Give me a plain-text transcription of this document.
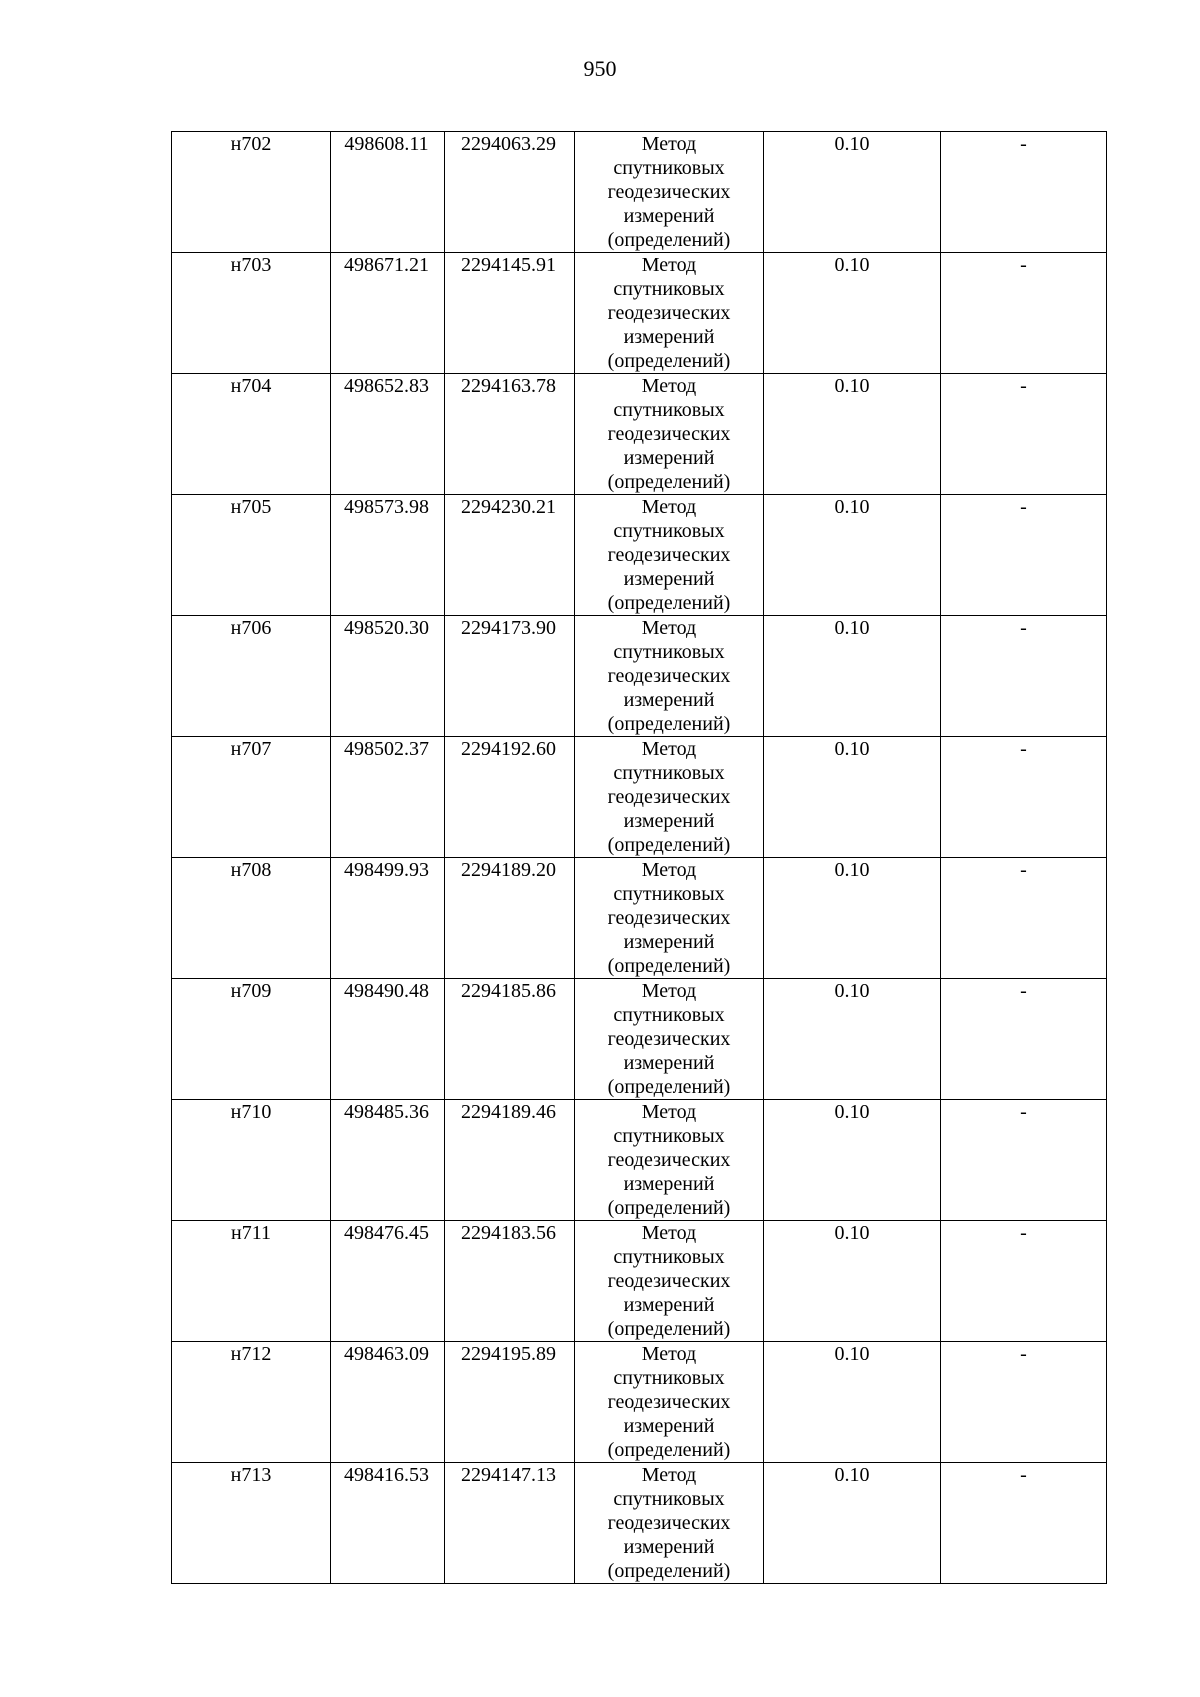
950
н702	498608.11	2294063.29	Метод
спутниковых
геодезических
измерений
(определений)	0.10	-
н703	498671.21	2294145.91	Метод
спутниковых
геодезических
измерений
(определений)	0.10	-
н704	498652.83	2294163.78	Метод
спутниковых
геодезических
измерений
(определений)	0.10	-
н705	498573.98	2294230.21	Метод
спутниковых
геодезических
измерений
(определений)	0.10	-
н706	498520.30	2294173.90	Метод
спутниковых
геодезических
измерений
(определений)	0.10	-
н707	498502.37	2294192.60	Метод
спутниковых
геодезических
измерений
(определений)	0.10	-
н708	498499.93	2294189.20	Метод
спутниковых
геодезических
измерений
(определений)	0.10	-
н709	498490.48	2294185.86	Метод
спутниковых
геодезических
измерений
(определений)	0.10	-
н710	498485.36	2294189.46	Метод
спутниковых
геодезических
измерений
(определений)	0.10	-
н711	498476.45	2294183.56	Метод
спутниковых
геодезических
измерений
(определений)	0.10	-
н712	498463.09	2294195.89	Метод
спутниковых
геодезических
измерений
(определений)	0.10	-
н713	498416.53	2294147.13	Метод
спутниковых
геодезических
измерений
(определений)	0.10	-
